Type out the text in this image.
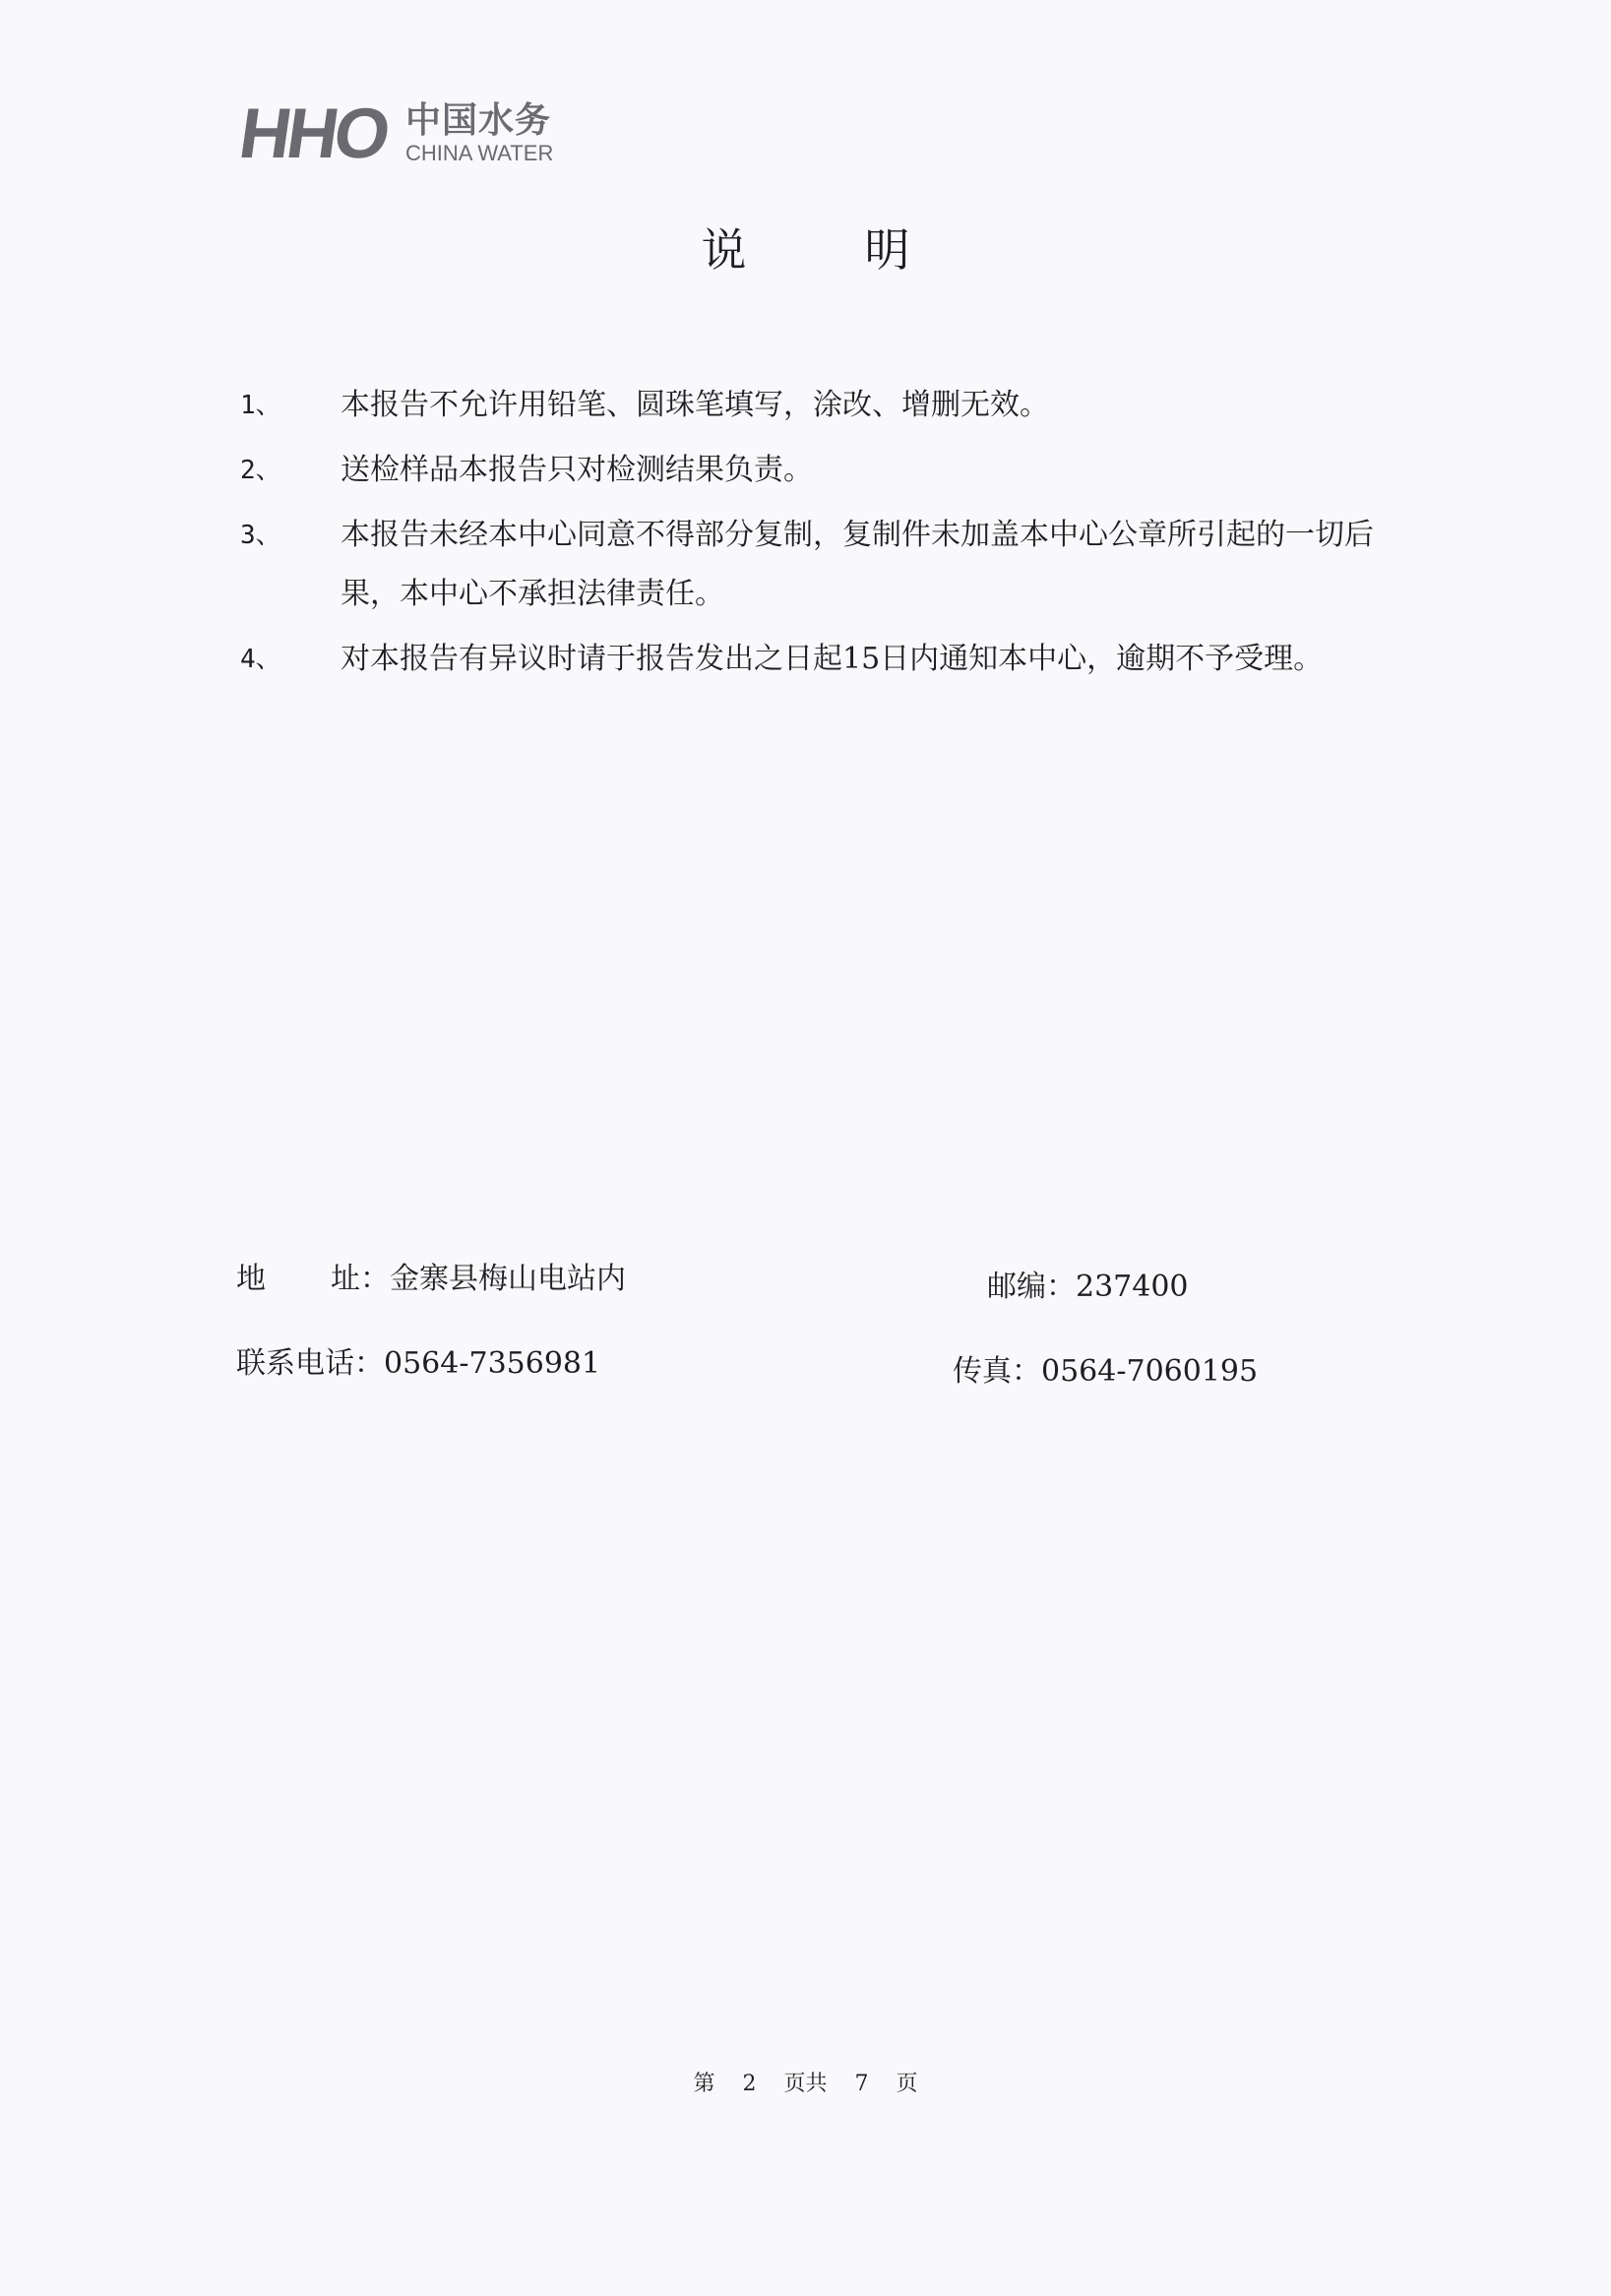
HHO 中国水务
CHINA WATER
说	明
1、	本报告不允许用铅笔、圆珠笔填写，涂改、增删无效。
2、	送检样品本报告只对检测结果负责。
3、	本报告未经本中心同意不得部分复制，复制件未加盖本中心公章所引起的一切后果，本中心不承担法律责任。
4、	对本报告有异议时请于报告发出之日起15日内通知本中心，逾期不予受理。
地 址：金寨县梅山电站内	邮编：237400
联系电话：0564-7356981	传真：0564-7060195
第 2 页共 7 页
